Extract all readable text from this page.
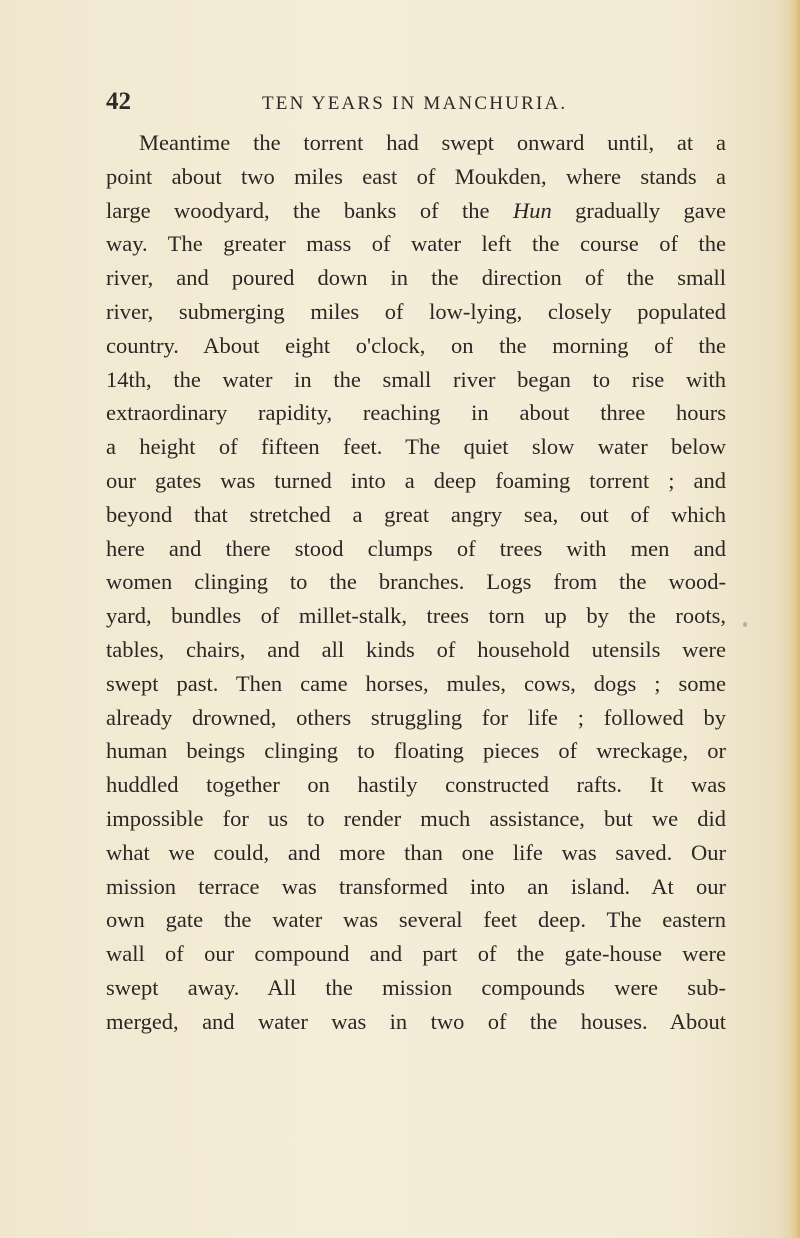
42	TEN YEARS IN MANCHURIA.
Meantime the torrent had swept onward until, at a
point about two miles east of Moukden, where stands a
large woodyard, the banks of the Hun gradually gave
way. The greater mass of water left the course of the
river, and poured down in the direction of the small
river, submerging miles of low-lying, closely populated
country. About eight o'clock, on the morning of the
14th, the water in the small river began to rise with
extraordinary rapidity, reaching in about three hours
a height of fifteen feet. The quiet slow water below
our gates was turned into a deep foaming torrent ; and
beyond that stretched a great angry sea, out of which
here and there stood clumps of trees with men and
women clinging to the branches. Logs from the wood-
yard, bundles of millet-stalk, trees torn up by the roots,
tables, chairs, and all kinds of household utensils were
swept past. Then came horses, mules, cows, dogs ; some
already drowned, others struggling for life ; followed by
human beings clinging to floating pieces of wreckage, or
huddled together on hastily constructed rafts. It was
impossible for us to render much assistance, but we did
what we could, and more than one life was saved. Our
mission terrace was transformed into an island. At our
own gate the water was several feet deep. The eastern
wall of our compound and part of the gate-house were
swept away. All the mission compounds were sub-
merged, and water was in two of the houses. About
